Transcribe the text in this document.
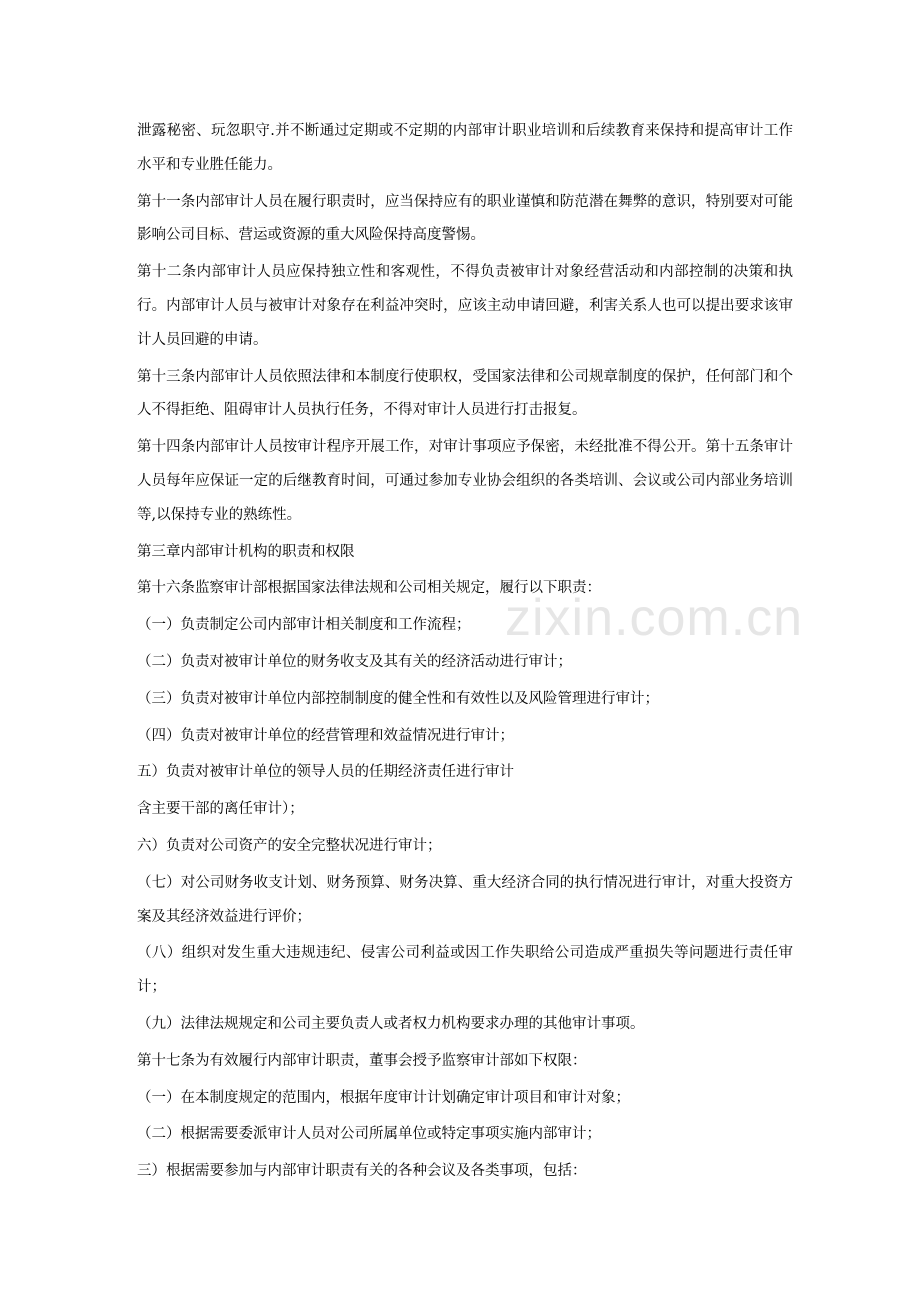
zixin.com.cn

泄露秘密、玩忽职守.并不断通过定期或不定期的内部审计职业培训和后续教育来保持和提高审计工作水平和专业胜任能力。

第十一条内部审计人员在履行职责时，应当保持应有的职业谨慎和防范潜在舞弊的意识，特别要对可能影响公司目标、营运或资源的重大风险保持高度警惕。

第十二条内部审计人员应保持独立性和客观性，不得负责被审计对象经营活动和内部控制的决策和执行。内部审计人员与被审计对象存在利益冲突时，应该主动申请回避，利害关系人也可以提出要求该审计人员回避的申请。

第十三条内部审计人员依照法律和本制度行使职权，受国家法律和公司规章制度的保护，任何部门和个人不得拒绝、阻碍审计人员执行任务，不得对审计人员进行打击报复。

第十四条内部审计人员按审计程序开展工作，对审计事项应予保密，未经批准不得公开。第十五条审计人员每年应保证一定的后继教育时间，可通过参加专业协会组织的各类培训、会议或公司内部业务培训等,以保持专业的熟练性。

第三章内部审计机构的职责和权限

第十六条监察审计部根据国家法律法规和公司相关规定，履行以下职责：

（一）负责制定公司内部审计相关制度和工作流程；

（二）负责对被审计单位的财务收支及其有关的经济活动进行审计；

（三）负责对被审计单位内部控制制度的健全性和有效性以及风险管理进行审计；

（四）负责对被审计单位的经营管理和效益情况进行审计；

五）负责对被审计单位的领导人员的任期经济责任进行审计

含主要干部的离任审计）；

六）负责对公司资产的安全完整状况进行审计；

（七）对公司财务收支计划、财务预算、财务决算、重大经济合同的执行情况进行审计，对重大投资方案及其经济效益进行评价；

（八）组织对发生重大违规违纪、侵害公司利益或因工作失职给公司造成严重损失等问题进行责任审计；

（九）法律法规规定和公司主要负责人或者权力机构要求办理的其他审计事项。

第十七条为有效履行内部审计职责，董事会授予监察审计部如下权限：

（一）在本制度规定的范围内，根据年度审计计划确定审计项目和审计对象；

（二）根据需要委派审计人员对公司所属单位或特定事项实施内部审计；

三）根据需要参加与内部审计职责有关的各种会议及各类事项，包括：
